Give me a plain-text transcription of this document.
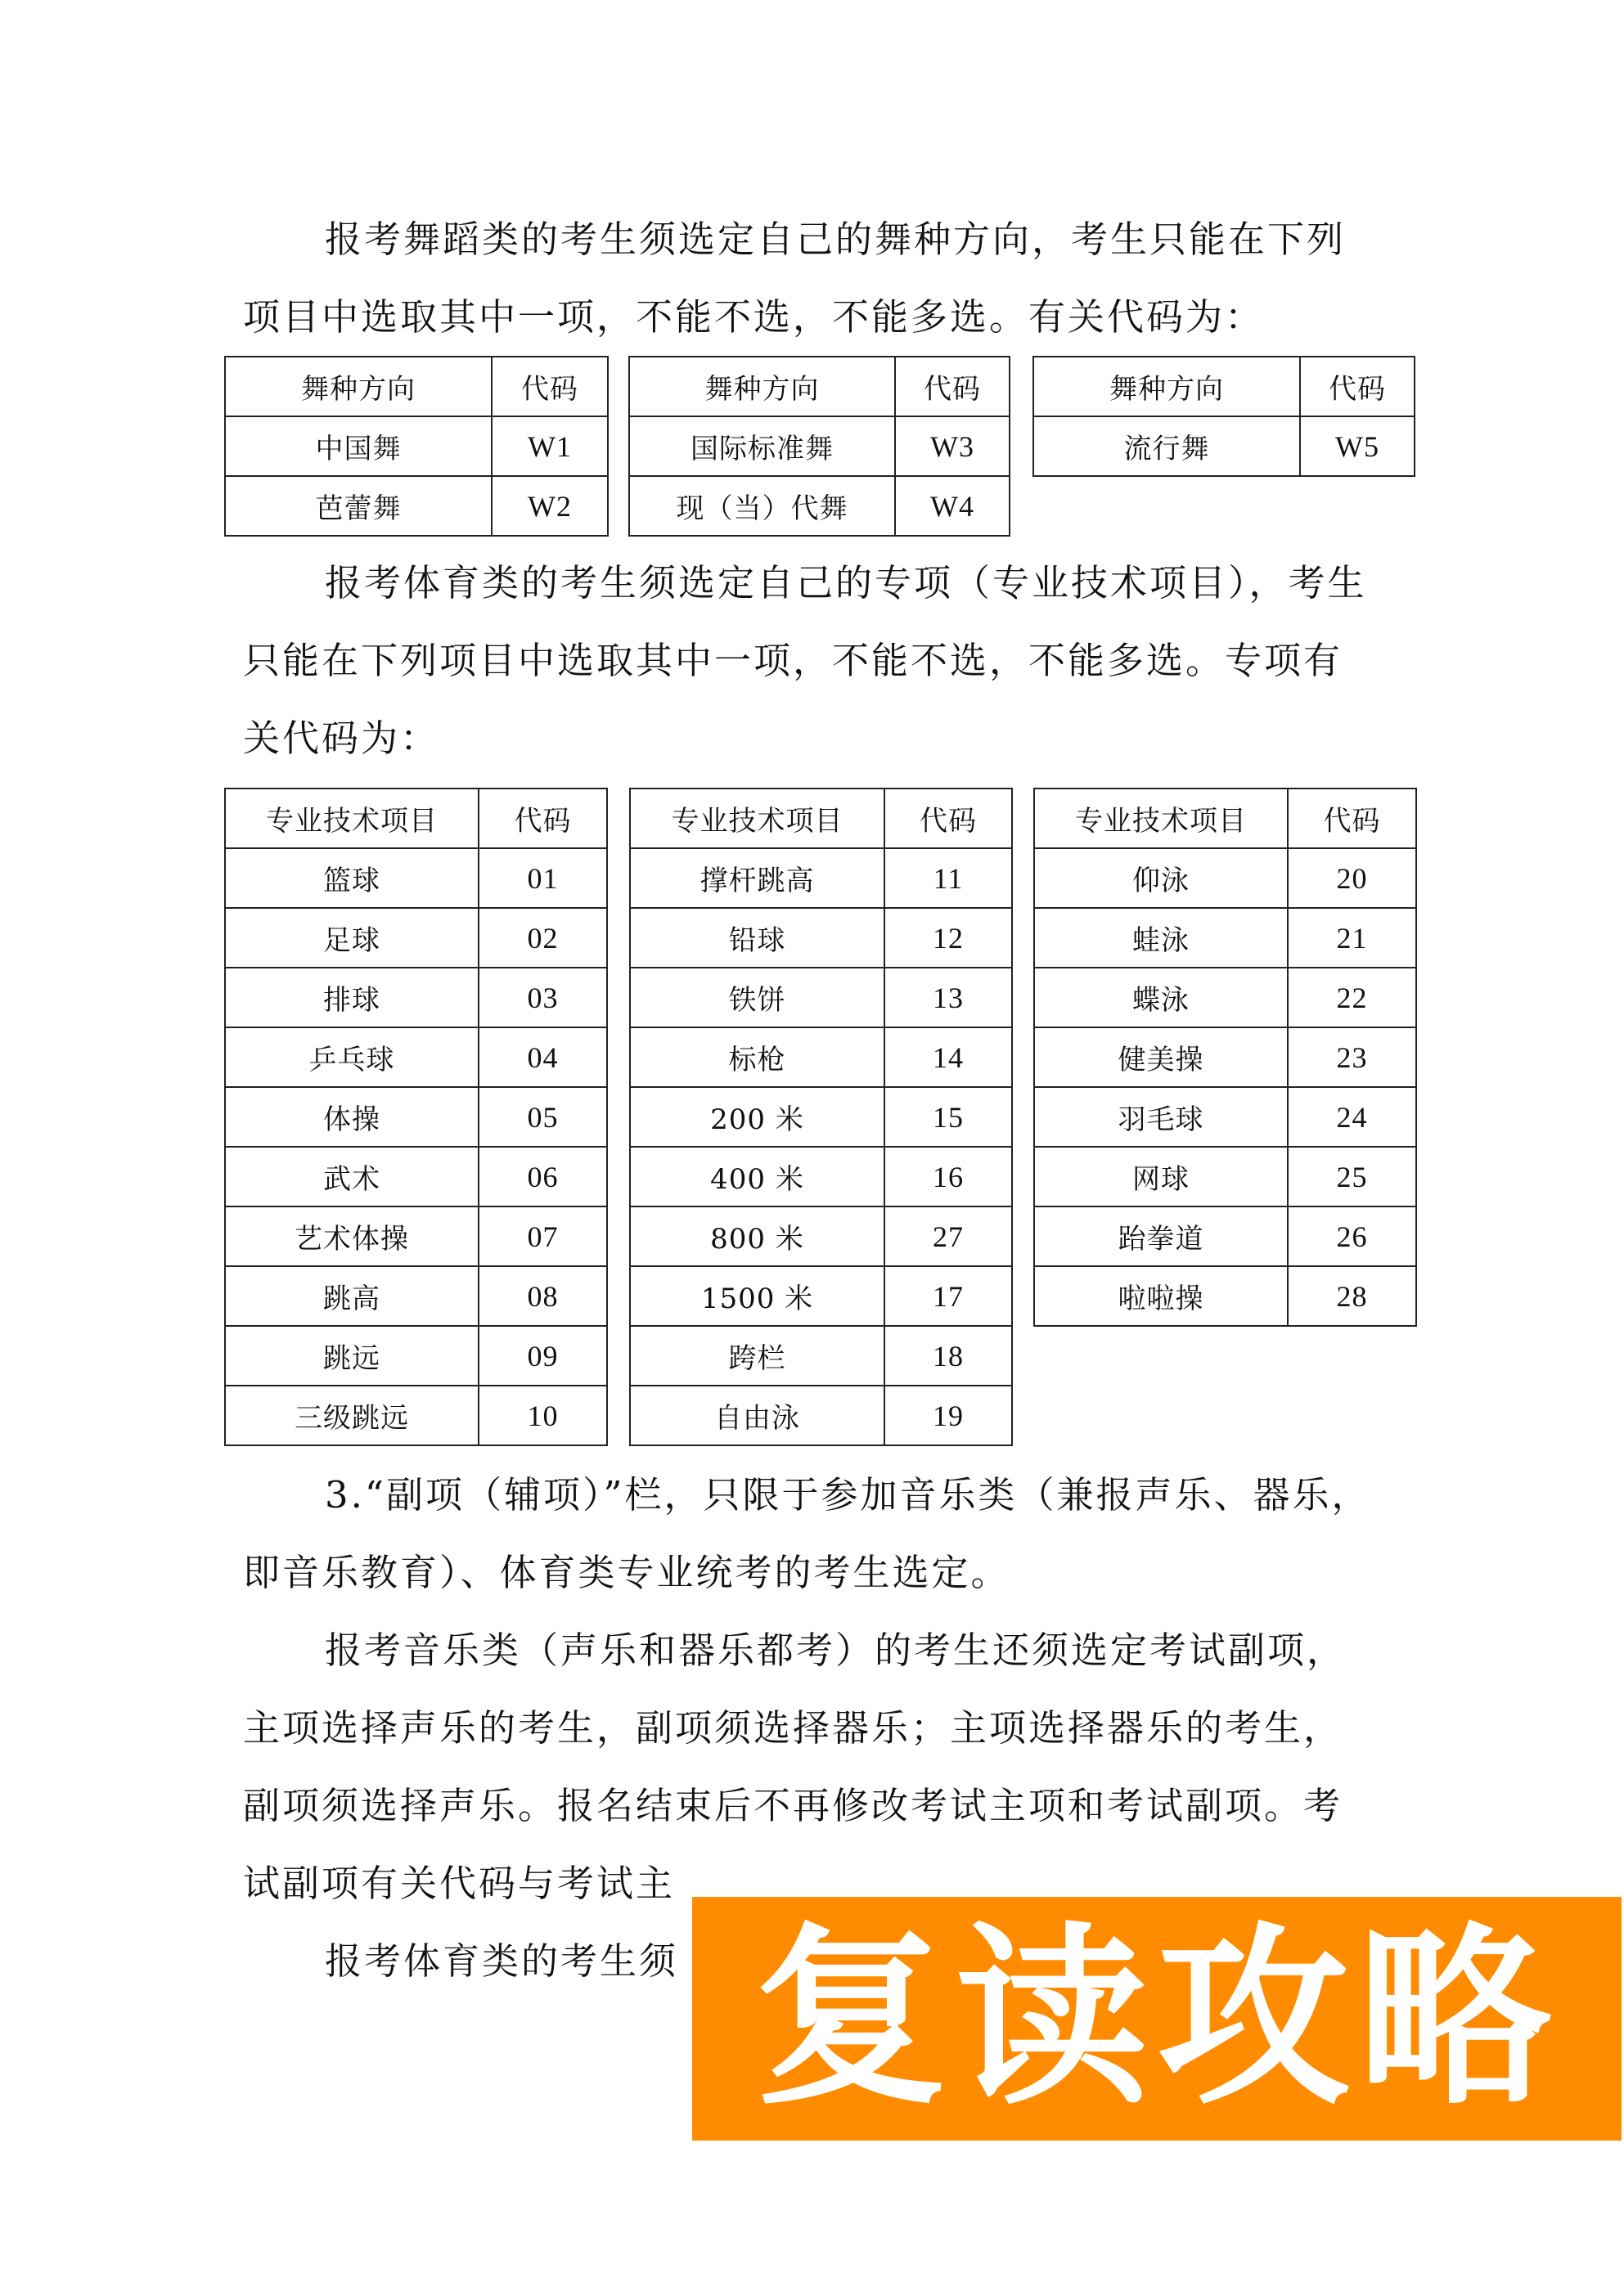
报考舞蹈类的考生须选定自己的舞种方向，考生只能在下列
项目中选取其中一项，不能不选，不能多选。有关代码为：
舞种方向	代码
中国舞	W1
芭蕾舞	W2
舞种方向	代码
国际标准舞	W3
现（当）代舞	W4
舞种方向	代码
流行舞	W5
报考体育类的考生须选定自己的专项（专业技术项目），考生
只能在下列项目中选取其中一项，不能不选，不能多选。专项有
关代码为：
专业技术项目	代码
篮球	01
足球	02
排球	03
乒乓球	04
体操	05
武术	06
艺术体操	07
跳高	08
跳远	09
三级跳远	10
专业技术项目	代码
撑杆跳高	11
铅球	12
铁饼	13
标枪	14
200 米	15
400 米	16
800 米	27
1500 米	17
跨栏	18
自由泳	19
专业技术项目	代码
仰泳	20
蛙泳	21
蝶泳	22
健美操	23
羽毛球	24
网球	25
跆拳道	26
啦啦操	28
3.“副项（辅项）”栏，只限于参加音乐类（兼报声乐、器乐，
即音乐教育）、体育类专业统考的考生选定。
报考音乐类（声乐和器乐都考）的考生还须选定考试副项，
主项选择声乐的考生，副项须选择器乐；主项选择器乐的考生，
副项须选择声乐。报名结束后不再修改考试主项和考试副项。考
试副项有关代码与考试主
报考体育类的考生须 复读攻略
